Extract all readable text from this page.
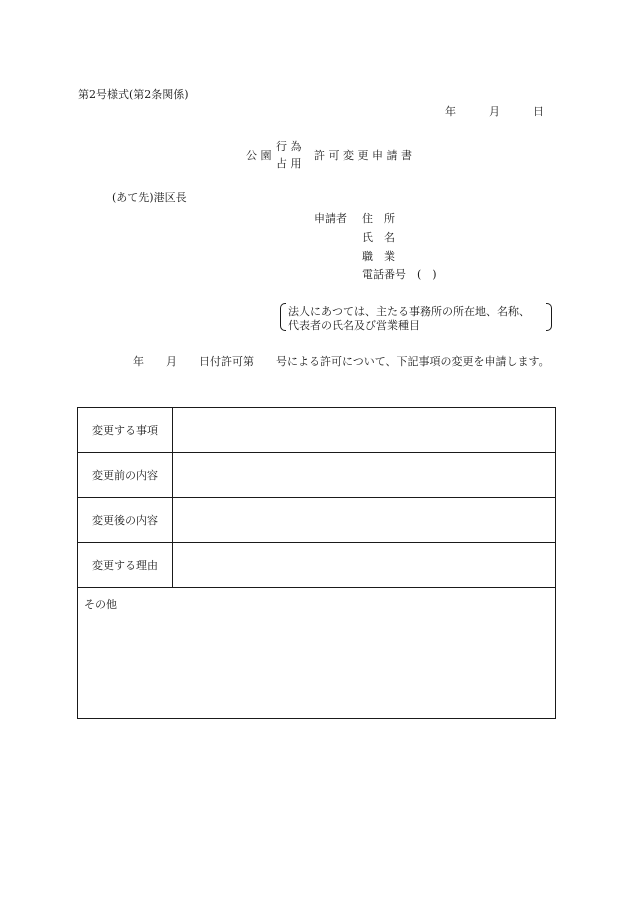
第2号様式(第2条関係)
年	月	日
公 園
行 為
占 用
許 可 変 更 申 請 書
(あて先)港区長
申請者 住　所
氏　名
職　業
電話番号　(　)
法人にあつては、主たる事務所の所在地、名称、
代表者の氏名及び営業種目
　　　　　年　　月　　日付許可第　　号による許可について、下記事項の変更を申請します。
変更する事項	
変更前の内容	
変更後の内容	
変更する理由	
その他	
